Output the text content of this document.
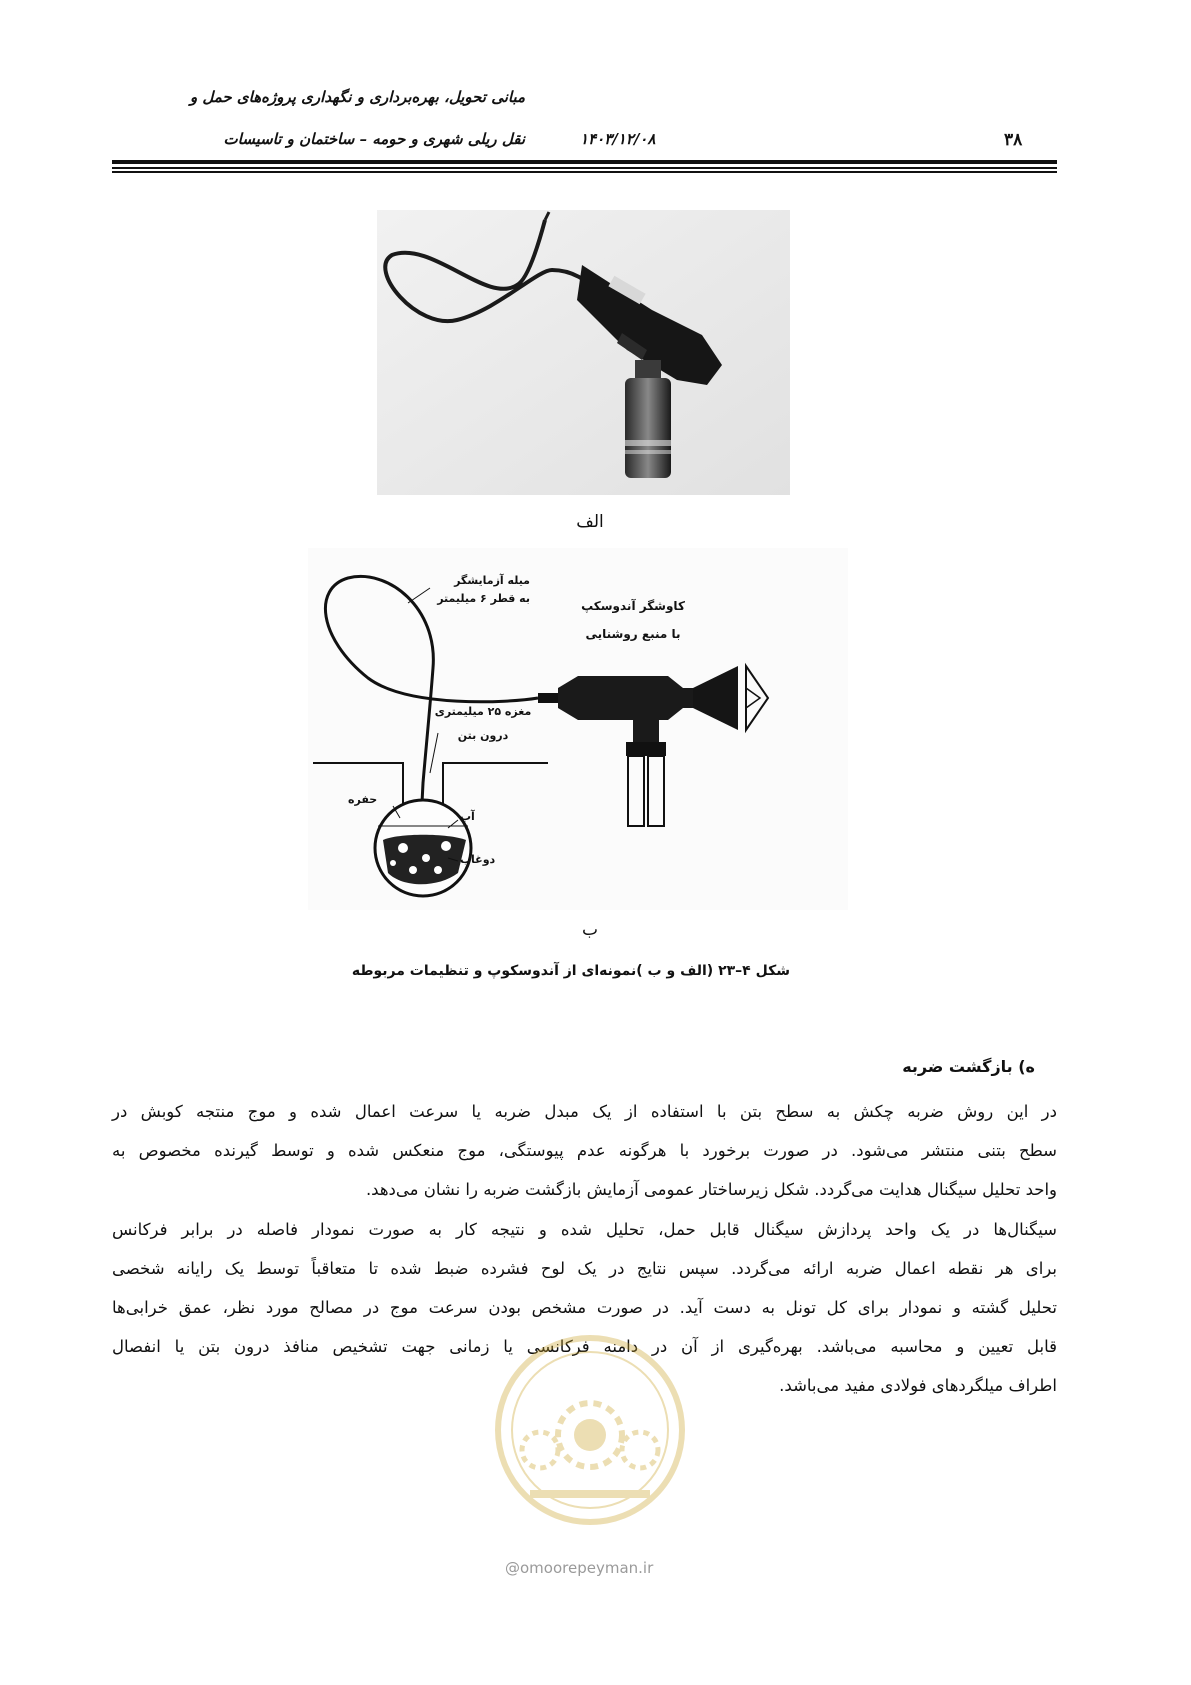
مبانی تحویل، بهره‌برداری و نگهداری پروژه‌های حمل و
نقل ریلی شهری و حومه – ساختمان و تاسیسات	۱۴۰۳/۱۲/۰۸	۳۸
الف
میله آزمایشگر
به قطر ۶ میلیمتر
کاوشگر آندوسکپ
با منبع روشنایی
مغزه ۲۵ میلیمتری
درون بتن
حفره
آب
دوغاب
ب
شکل ۴–۲۳ (الف و ب )نمونه‌ای از آندوسکوپ و تنظیمات مربوطه
ه) بازگشت ضربه
در این روش ضربه چکش به سطح بتن با استفاده از یک مبدل ضربه یا سرعت اعمال شده و موج منتجه کوبش در
سطح بتنی منتشر می‌شود. در صورت برخورد با هرگونه عدم پیوستگی، موج منعکس شده و توسط گیرنده مخصوص به
واحد تحلیل سیگنال هدایت می‌گردد. شکل زیرساختار عمومی آزمایش بازگشت ضربه را نشان می‌دهد.
سیگنال‌ها در یک واحد پردازش سیگنال قابل حمل، تحلیل شده و نتیجه کار به صورت نمودار فاصله در برابر فرکانس
برای هر نقطه اعمال ضربه ارائه می‌گردد. سپس نتایج در یک لوح فشرده ضبط شده تا متعاقباً توسط یک رایانه شخصی
تحلیل گشته و نمودار برای کل تونل به دست آید. در صورت مشخص بودن سرعت موج در مصالح مورد نظر، عمق خرابی‌ها
قابل تعیین و محاسبه می‌باشد. بهره‌گیری از آن در دامنه فرکانسی یا زمانی جهت تشخیص منافذ درون بتن یا انفصال
اطراف میلگردهای فولادی مفید می‌باشد.
@omoorepeyman.ir
